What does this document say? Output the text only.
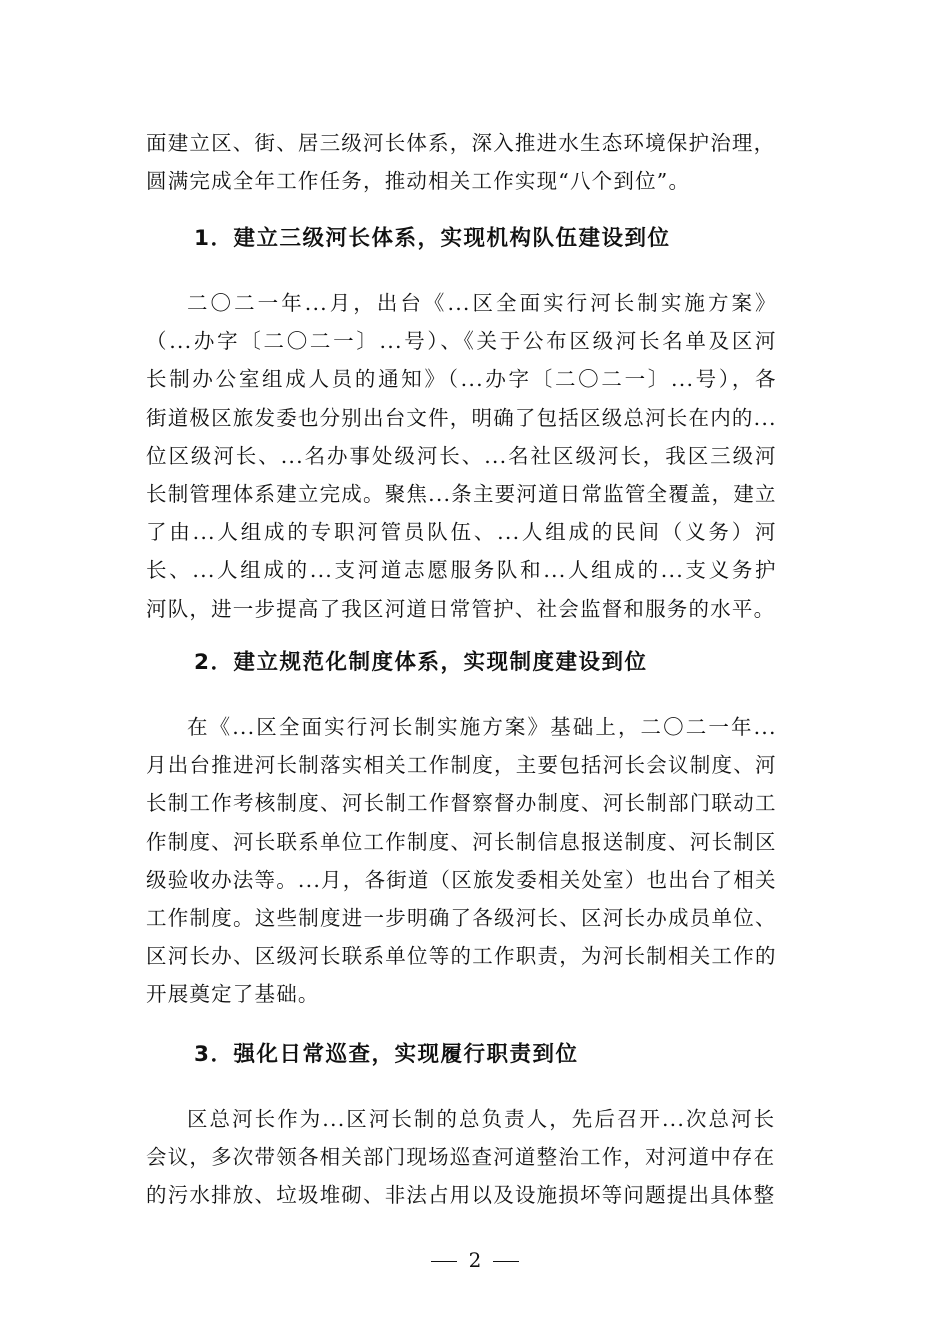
面建立区、街、居三级河长体系，深入推进水生态环境保护治理，
圆满完成全年工作任务，推动相关工作实现“八个到位”。

1．建立三级河长体系，实现机构队伍建设到位

二〇二一年...月，出台《...区全面实行河长制实施方案》
（...办字〔二〇二一〕...号）、《关于公布区级河长名单及区河
长制办公室组成人员的通知》（...办字〔二〇二一〕...号），各
街道极区旅发委也分别出台文件，明确了包括区级总河长在内的...
位区级河长、...名办事处级河长、...名社区级河长，我区三级河
长制管理体系建立完成。聚焦...条主要河道日常监管全覆盖，建立
了由...人组成的专职河管员队伍、...人组成的民间（义务）河
长、...人组成的...支河道志愿服务队和...人组成的...支义务护
河队，进一步提高了我区河道日常管护、社会监督和服务的水平。

2．建立规范化制度体系，实现制度建设到位

在《...区全面实行河长制实施方案》基础上，二〇二一年...
月出台推进河长制落实相关工作制度，主要包括河长会议制度、河
长制工作考核制度、河长制工作督察督办制度、河长制部门联动工
作制度、河长联系单位工作制度、河长制信息报送制度、河长制区
级验收办法等。...月，各街道（区旅发委相关处室）也出台了相关
工作制度。这些制度进一步明确了各级河长、区河长办成员单位、
区河长办、区级河长联系单位等的工作职责，为河长制相关工作的
开展奠定了基础。

3．强化日常巡查，实现履行职责到位

区总河长作为...区河长制的总负责人，先后召开...次总河长
会议，多次带领各相关部门现场巡查河道整治工作，对河道中存在
的污水排放、垃圾堆砌、非法占用以及设施损坏等问题提出具体整

2
